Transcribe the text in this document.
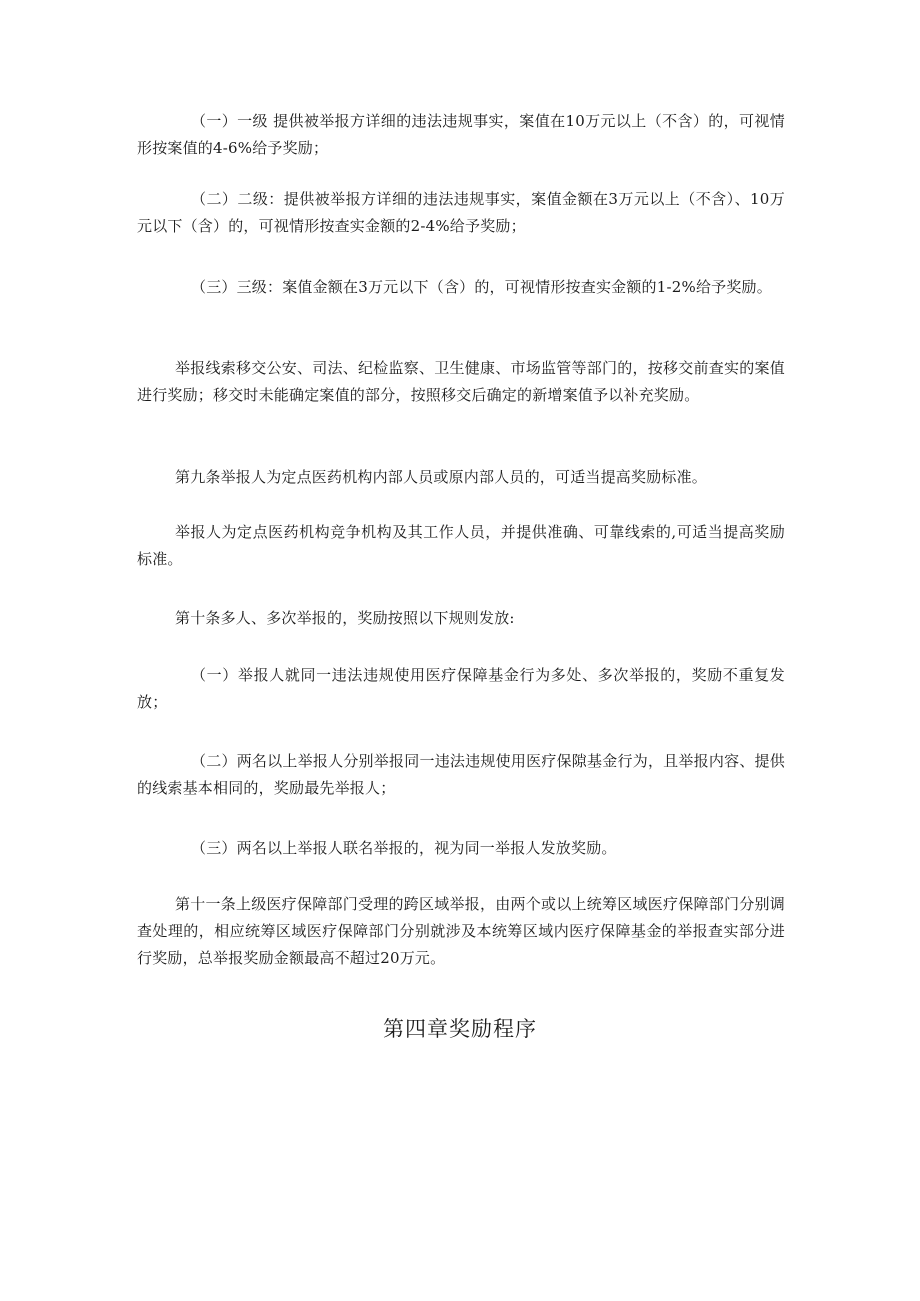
（一）一级 提供被举报方详细的违法违规事实，案值在10万元以上（不含）的，可视情形按案值的4-6%给予奖励；

（二）二级：提供被举报方详细的违法违规事实，案值金额在3万元以上（不含）、10万元以下（含）的，可视情形按查实金额的2-4%给予奖励；

（三）三级：案值金额在3万元以下（含）的，可视情形按查实金额的1-2%给予奖励。

举报线索移交公安、司法、纪检监察、卫生健康、市场监管等部门的，按移交前查实的案值进行奖励；移交时未能确定案值的部分，按照移交后确定的新增案值予以补充奖励。

第九条举报人为定点医药机构内部人员或原内部人员的，可适当提高奖励标准。

举报人为定点医药机构竞争机构及其工作人员，并提供准确、可靠线索的,可适当提高奖励标准。

第十条多人、多次举报的，奖励按照以下规则发放:

（一）举报人就同一违法违规使用医疗保障基金行为多处、多次举报的，奖励不重复发放；

（二）两名以上举报人分别举报同一违法违规使用医疗保隙基金行为，且举报内容、提供的线索基本相同的，奖励最先举报人；

（三）两名以上举报人联名举报的，视为同一举报人发放奖励。

第十一条上级医疗保障部门受理的跨区域举报，由两个或以上统筹区域医疗保障部门分别调查处理的，相应统筹区域医疗保障部门分别就涉及本统筹区域内医疗保障基金的举报查实部分进行奖励，总举报奖励金额最高不超过20万元。

第四章奖励程序
